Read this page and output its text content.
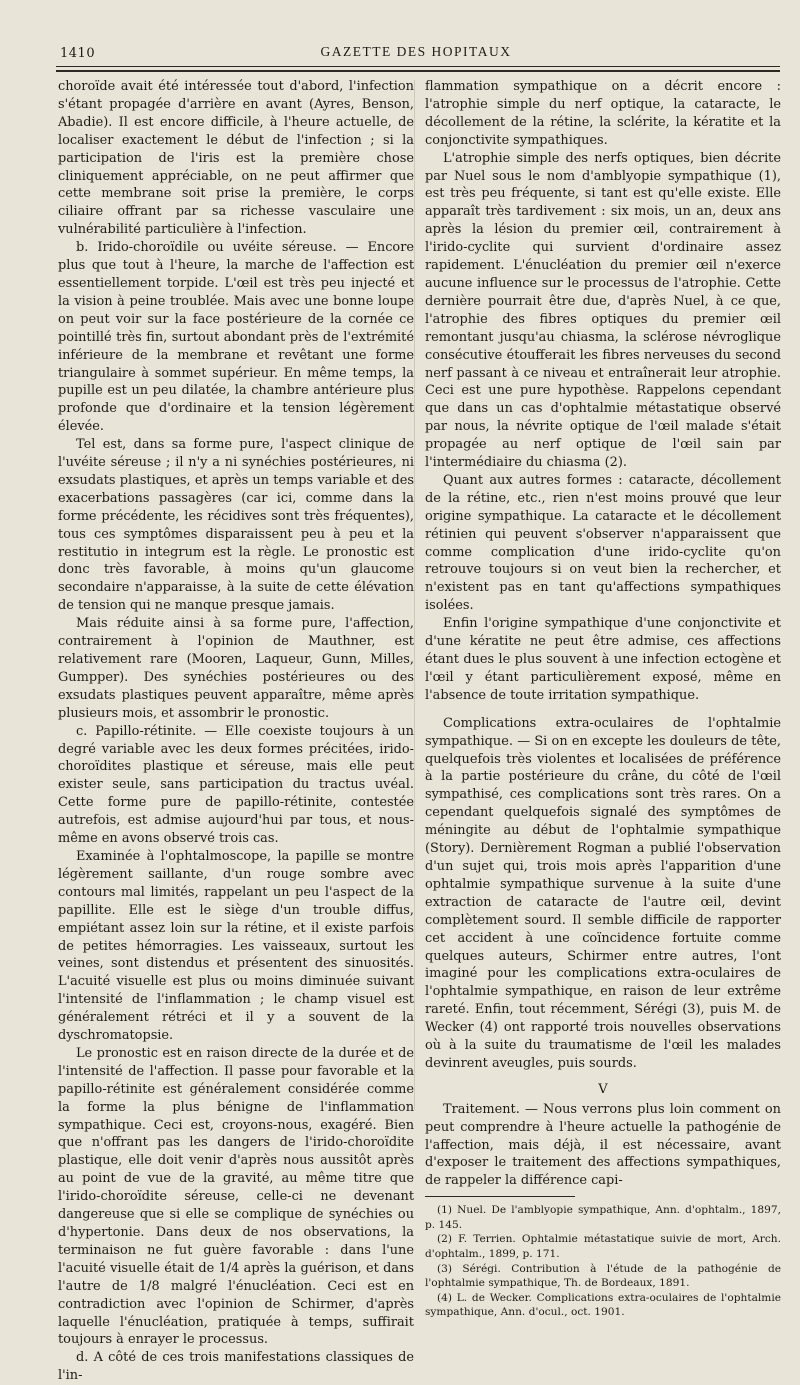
1410	GAZETTE DES HOPITAUX

choroïde avait été intéressée tout d'abord, l'infection s'étant propagée d'arrière en avant (Ayres, Benson, Abadie). Il est encore difficile, à l'heure actuelle, de localiser exactement le début de l'infection ; si la participation de l'iris est la première chose cliniquement appréciable, on ne peut affirmer que cette membrane soit prise la première, le corps ciliaire offrant par sa richesse vasculaire une vulnérabilité particulière à l'infection.

b. Irido-choroïdile ou uvéite séreuse. — Encore plus que tout à l'heure, la marche de l'affection est essentiellement torpide. L'œil est très peu injecté et la vision à peine troublée. Mais avec une bonne loupe on peut voir sur la face postérieure de la cornée ce pointillé très fin, surtout abondant près de l'extrémité inférieure de la membrane et revêtant une forme triangulaire à sommet supérieur. En même temps, la pupille est un peu dilatée, la chambre antérieure plus profonde que d'ordinaire et la tension légèrement élevée.

Tel est, dans sa forme pure, l'aspect clinique de l'uvéite séreuse ; il n'y a ni synéchies postérieures, ni exsudats plastiques, et après un temps variable et des exacerbations passagères (car ici, comme dans la forme précédente, les récidives sont très fréquentes), tous ces symptômes disparaissent peu à peu et la restitutio in integrum est la règle. Le pronostic est donc très favorable, à moins qu'un glaucome secondaire n'apparaisse, à la suite de cette élévation de tension qui ne manque presque jamais.

Mais réduite ainsi à sa forme pure, l'affection, contrairement à l'opinion de Mauthner, est relativement rare (Mooren, Laqueur, Gunn, Milles, Gumpper). Des synéchies postérieures ou des exsudats plastiques peuvent apparaître, même après plusieurs mois, et assombrir le pronostic.

c. Papillo-rétinite. — Elle coexiste toujours à un degré variable avec les deux formes précitées, irido-choroïdites plastique et séreuse, mais elle peut exister seule, sans participation du tractus uvéal. Cette forme pure de papillo-rétinite, contestée autrefois, est admise aujourd'hui par tous, et nous-même en avons observé trois cas.

Examinée à l'ophtalmoscope, la papille se montre légèrement saillante, d'un rouge sombre avec contours mal limités, rappelant un peu l'aspect de la papillite. Elle est le siège d'un trouble diffus, empiétant assez loin sur la rétine, et il existe parfois de petites hémorragies. Les vaisseaux, surtout les veines, sont distendus et présentent des sinuosités. L'acuité visuelle est plus ou moins diminuée suivant l'intensité de l'inflammation ; le champ visuel est généralement rétréci et il y a souvent de la dyschromatopsie.

Le pronostic est en raison directe de la durée et de l'intensité de l'affection. Il passe pour favorable et la papillo-rétinite est généralement considérée comme la forme la plus bénigne de l'inflammation sympathique. Ceci est, croyons-nous, exagéré. Bien que n'offrant pas les dangers de l'irido-choroïdite plastique, elle doit venir d'après nous aussitôt après au point de vue de la gravité, au même titre que l'irido-choroïdite séreuse, celle-ci ne devenant dangereuse que si elle se complique de synéchies ou d'hypertonie. Dans deux de nos observations, la terminaison ne fut guère favorable : dans l'une l'acuité visuelle était de 1/4 après la guérison, et dans l'autre de 1/8 malgré l'énucléation. Ceci est en contradiction avec l'opinion de Schirmer, d'après laquelle l'énucléation, pratiquée à temps, suffirait toujours à enrayer le processus.

d. A côté de ces trois manifestations classiques de l'in-

flammation sympathique on a décrit encore : l'atrophie simple du nerf optique, la cataracte, le décollement de la rétine, la sclérite, la kératite et la conjonctivite sympathiques.

L'atrophie simple des nerfs optiques, bien décrite par Nuel sous le nom d'amblyopie sympathique (1), est très peu fréquente, si tant est qu'elle existe. Elle apparaît très tardivement : six mois, un an, deux ans après la lésion du premier œil, contrairement à l'irido-cyclite qui survient d'ordinaire assez rapidement. L'énucléation du premier œil n'exerce aucune influence sur le processus de l'atrophie. Cette dernière pourrait être due, d'après Nuel, à ce que, l'atrophie des fibres optiques du premier œil remontant jusqu'au chiasma, la sclérose névroglique consécutive étoufferait les fibres nerveuses du second nerf passant à ce niveau et entraînerait leur atrophie. Ceci est une pure hypothèse. Rappelons cependant que dans un cas d'ophtalmie métastatique observé par nous, la névrite optique de l'œil malade s'était propagée au nerf optique de l'œil sain par l'intermédiaire du chiasma (2).

Quant aux autres formes : cataracte, décollement de la rétine, etc., rien n'est moins prouvé que leur origine sympathique. La cataracte et le décollement rétinien qui peuvent s'observer n'apparaissent que comme complication d'une irido-cyclite qu'on retrouve toujours si on veut bien la rechercher, et n'existent pas en tant qu'affections sympathiques isolées.

Enfin l'origine sympathique d'une conjonctivite et d'une kératite ne peut être admise, ces affections étant dues le plus souvent à une infection ectogène et l'œil y étant particulièrement exposé, même en l'absence de toute irritation sympathique.

Complications extra-oculaires de l'ophtalmie sympathique. — Si on en excepte les douleurs de tête, quelquefois très violentes et localisées de préférence à la partie postérieure du crâne, du côté de l'œil sympathisé, ces complications sont très rares. On a cependant quelquefois signalé des symptômes de méningite au début de l'ophtalmie sympathique (Story). Dernièrement Rogman a publié l'observation d'un sujet qui, trois mois après l'apparition d'une ophtalmie sympathique survenue à la suite d'une extraction de cataracte de l'autre œil, devint complètement sourd. Il semble difficile de rapporter cet accident à une coïncidence fortuite comme quelques auteurs, Schirmer entre autres, l'ont imaginé pour les complications extra-oculaires de l'ophtalmie sympathique, en raison de leur extrême rareté. Enfin, tout récemment, Sérégi (3), puis M. de Wecker (4) ont rapporté trois nouvelles observations où à la suite du traumatisme de l'œil les malades devinrent aveugles, puis sourds.

V

Traitement. — Nous verrons plus loin comment on peut comprendre à l'heure actuelle la pathogénie de l'affection, mais déjà, il est nécessaire, avant d'exposer le traitement des affections sympathiques, de rappeler la différence capi-

(1) Nuel. De l'amblyopie sympathique, Ann. d'ophtalm., 1897, p. 145.

(2) F. Terrien. Ophtalmie métastatique suivie de mort, Arch. d'ophtalm., 1899, p. 171.

(3) Sérégi. Contribution à l'étude de la pathogénie de l'ophtalmie sympathique, Th. de Bordeaux, 1891.

(4) L. de Wecker. Complications extra-oculaires de l'ophtalmie sympathique, Ann. d'ocul., oct. 1901.
